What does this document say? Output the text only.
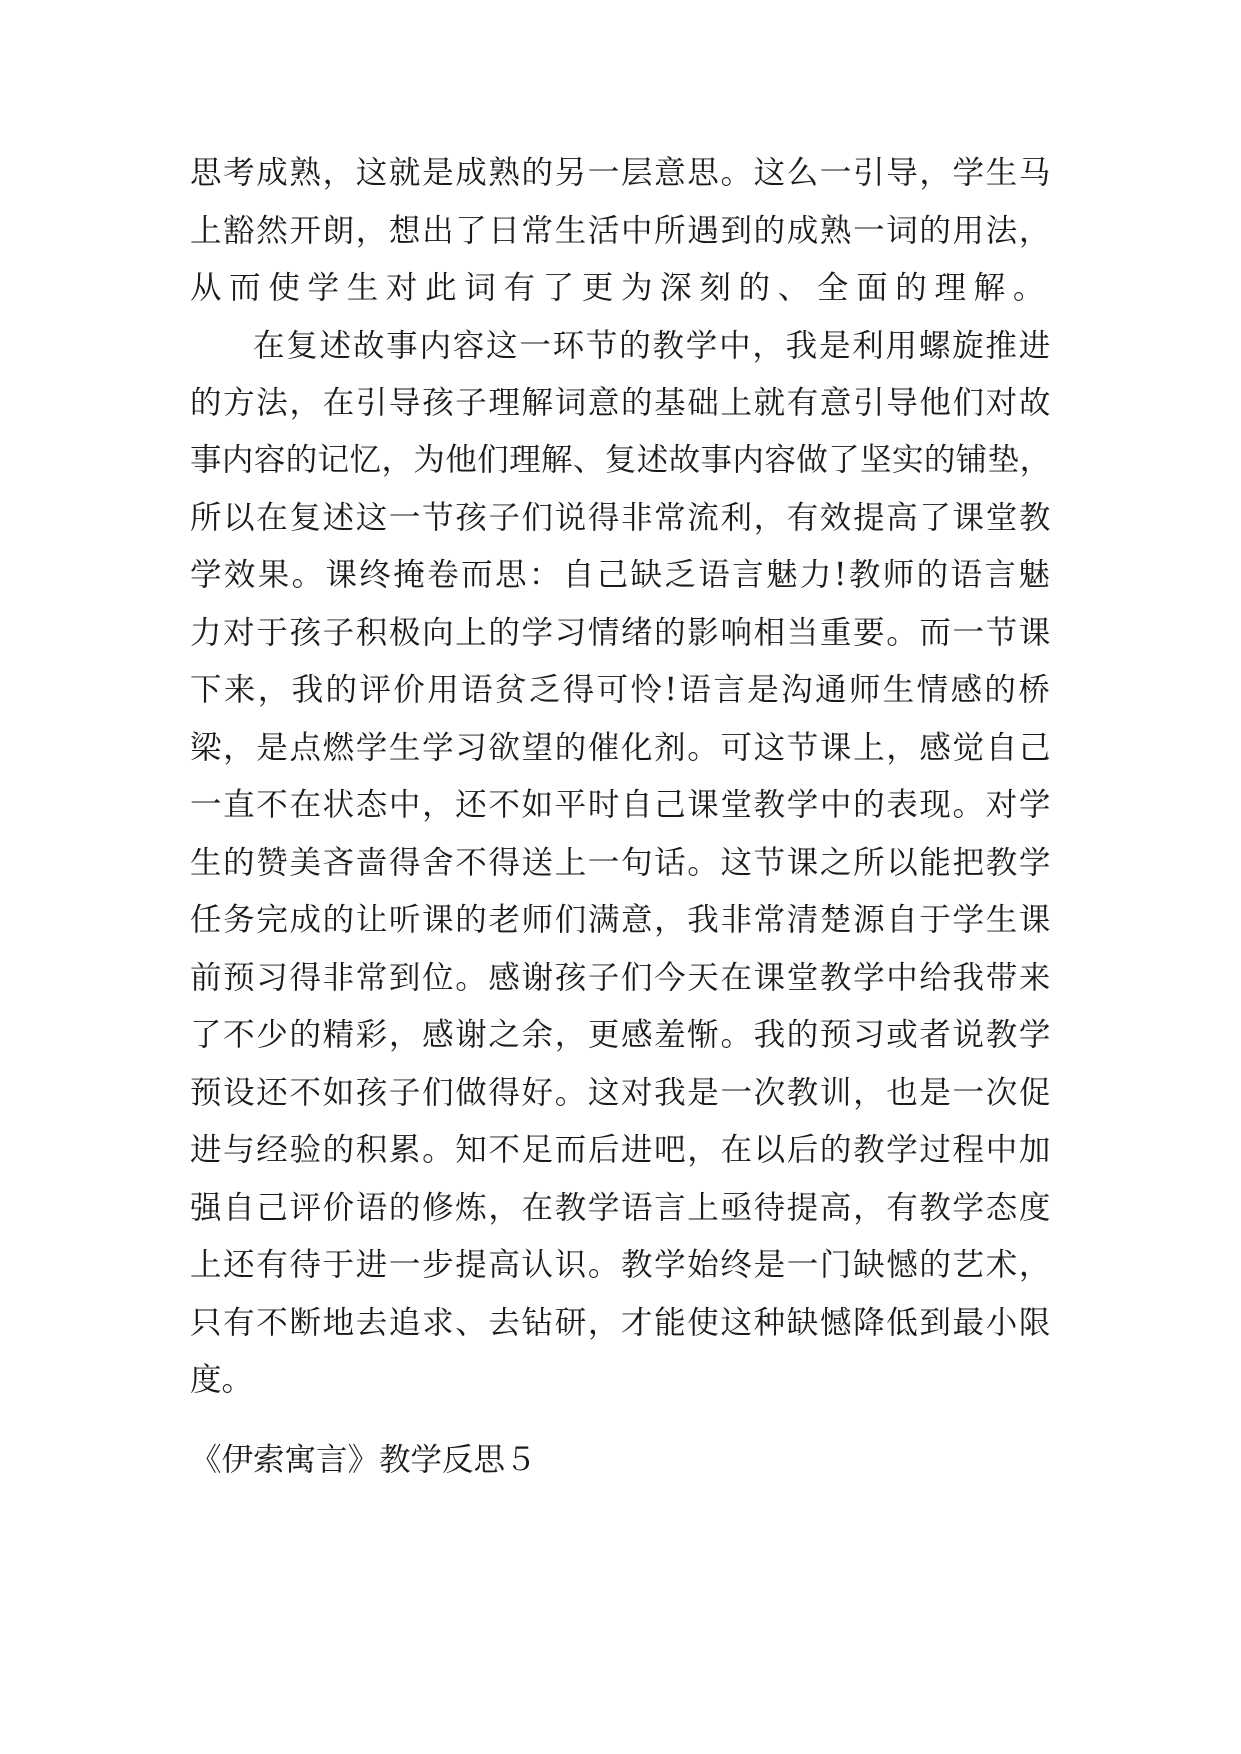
思考成熟，这就是成熟的另一层意思。这么一引导，学生马
上豁然开朗，想出了日常生活中所遇到的成熟一词的用法，
从而使学生对此词有了更为深刻的、全面的理解。
在复述故事内容这一环节的教学中，我是利用螺旋推进
的方法，在引导孩子理解词意的基础上就有意引导他们对故
事内容的记忆，为他们理解、复述故事内容做了坚实的铺垫，
所以在复述这一节孩子们说得非常流利，有效提高了课堂教
学效果。课终掩卷而思：自己缺乏语言魅力!教师的语言魅
力对于孩子积极向上的学习情绪的影响相当重要。而一节课
下来，我的评价用语贫乏得可怜!语言是沟通师生情感的桥
梁，是点燃学生学习欲望的催化剂。可这节课上，感觉自己
一直不在状态中，还不如平时自己课堂教学中的表现。对学
生的赞美吝啬得舍不得送上一句话。这节课之所以能把教学
任务完成的让听课的老师们满意，我非常清楚源自于学生课
前预习得非常到位。感谢孩子们今天在课堂教学中给我带来
了不少的精彩，感谢之余，更感羞惭。我的预习或者说教学
预设还不如孩子们做得好。这对我是一次教训，也是一次促
进与经验的积累。知不足而后进吧，在以后的教学过程中加
强自己评价语的修炼，在教学语言上亟待提高，有教学态度
上还有待于进一步提高认识。教学始终是一门缺憾的艺术，
只有不断地去追求、去钻研，才能使这种缺憾降低到最小限
度。
《伊索寓言》教学反思５
